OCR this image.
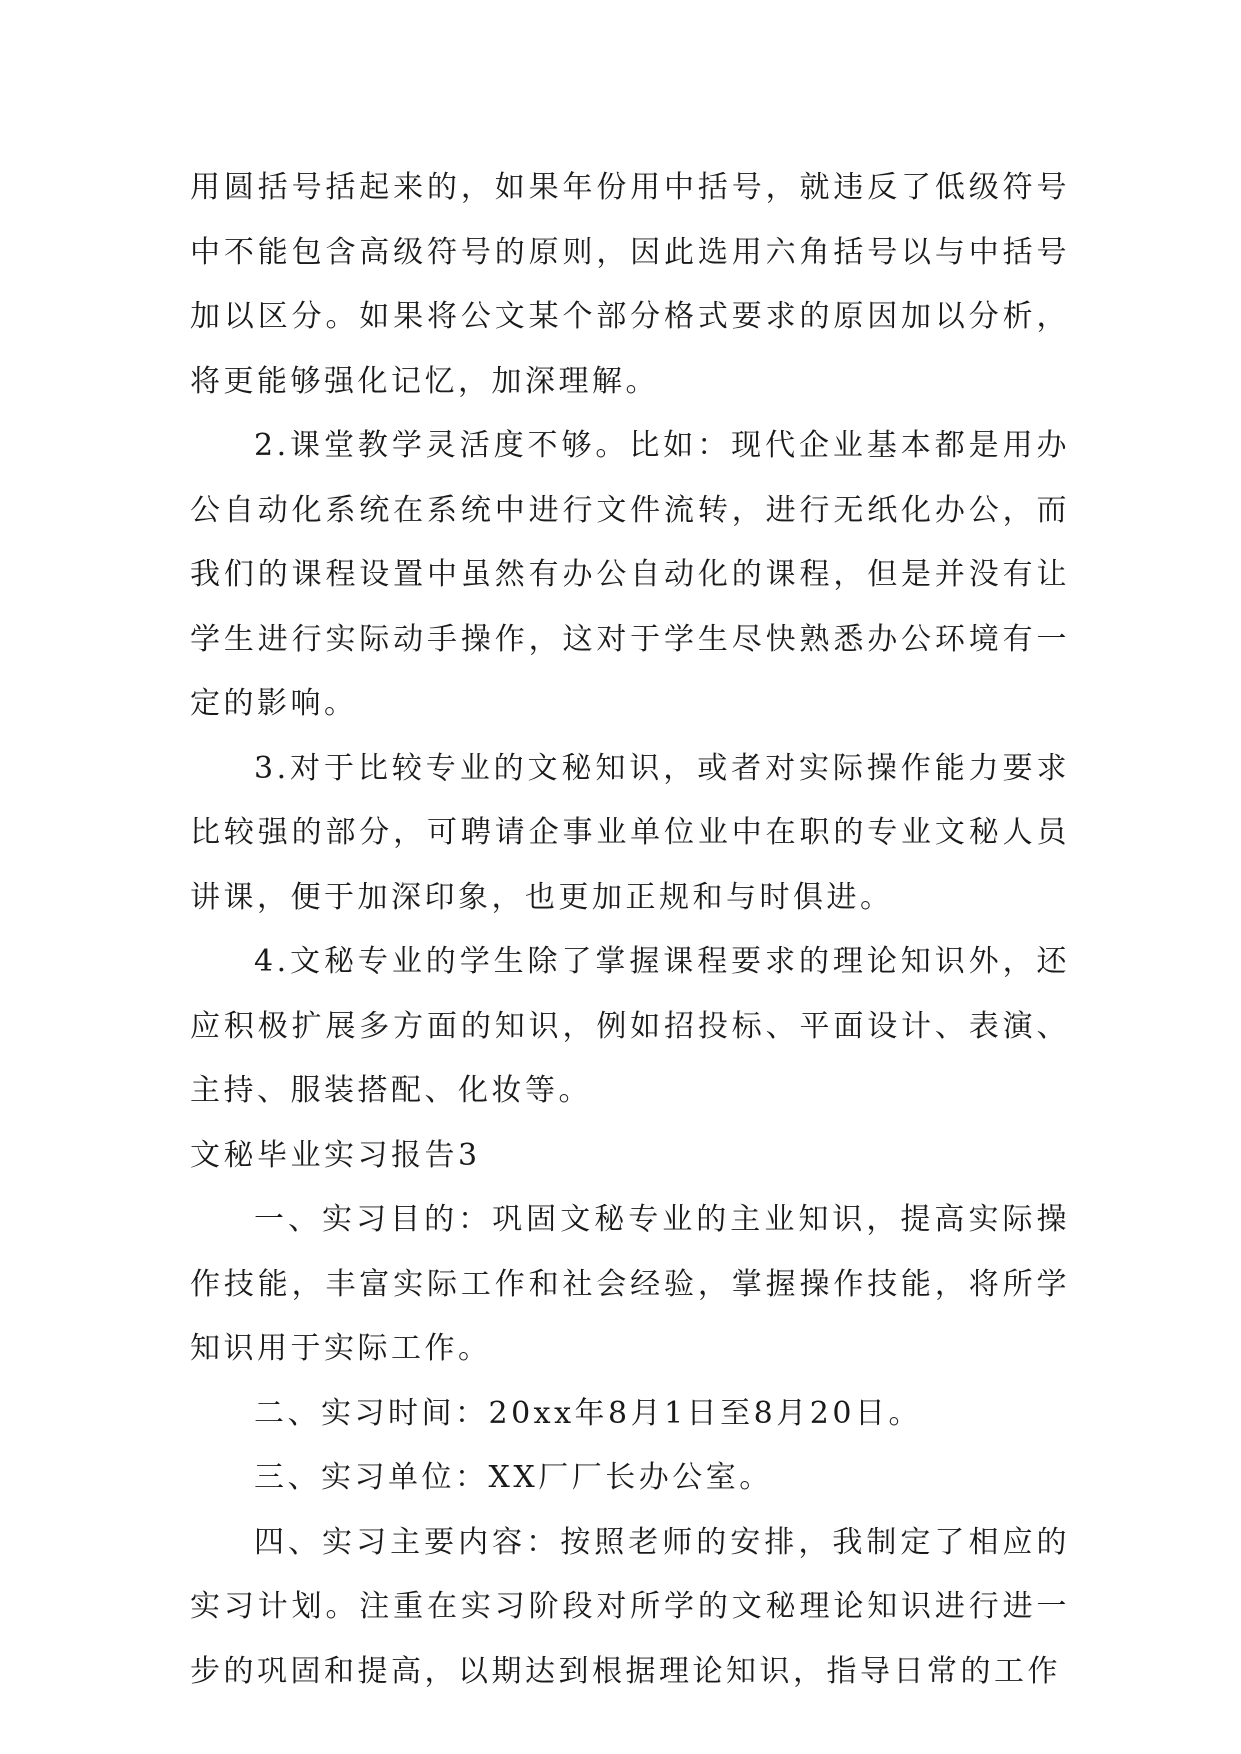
用圆括号括起来的，如果年份用中括号，就违反了低级符号中不能包含高级符号的原则，因此选用六角括号以与中括号加以区分。如果将公文某个部分格式要求的原因加以分析，将更能够强化记忆，加深理解。

2.课堂教学灵活度不够。比如：现代企业基本都是用办公自动化系统在系统中进行文件流转，进行无纸化办公，而我们的课程设置中虽然有办公自动化的课程，但是并没有让学生进行实际动手操作，这对于学生尽快熟悉办公环境有一定的影响。

3.对于比较专业的文秘知识，或者对实际操作能力要求比较强的部分，可聘请企事业单位业中在职的专业文秘人员讲课，便于加深印象，也更加正规和与时俱进。

4.文秘专业的学生除了掌握课程要求的理论知识外，还应积极扩展多方面的知识，例如招投标、平面设计、表演、主持、服装搭配、化妆等。

文秘毕业实习报告3

一、实习目的：巩固文秘专业的主业知识，提高实际操作技能，丰富实际工作和社会经验，掌握操作技能，将所学知识用于实际工作。

二、实习时间：20xx年8月1日至8月20日。

三、实习单位：XX厂厂长办公室。

四、实习主要内容：按照老师的安排，我制定了相应的实习计划。注重在实习阶段对所学的文秘理论知识进行进一步的巩固和提高，以期达到根据理论知识，指导日常的工作
